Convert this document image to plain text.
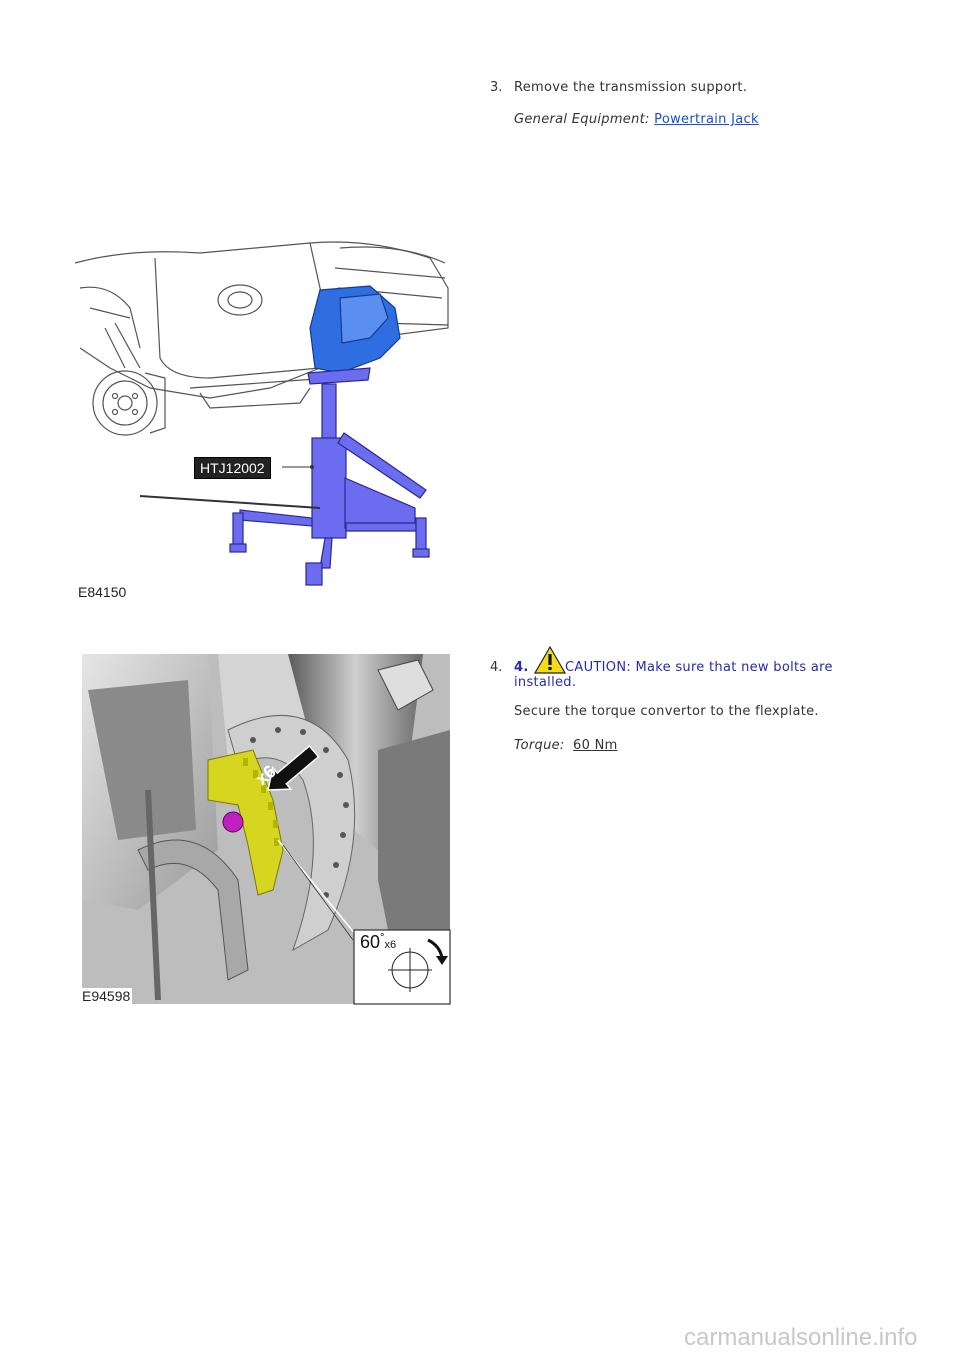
3. Remove the transmission support.
General Equipment: Powertrain Jack
HTJ12002
E84150
4. 4.	CAUTION: Make sure that new bolts are
installed.
Secure the torque convertor to the flexplate.
Torque: 60 Nm
x6
60°x6
E94598
carmanualsonline.info
